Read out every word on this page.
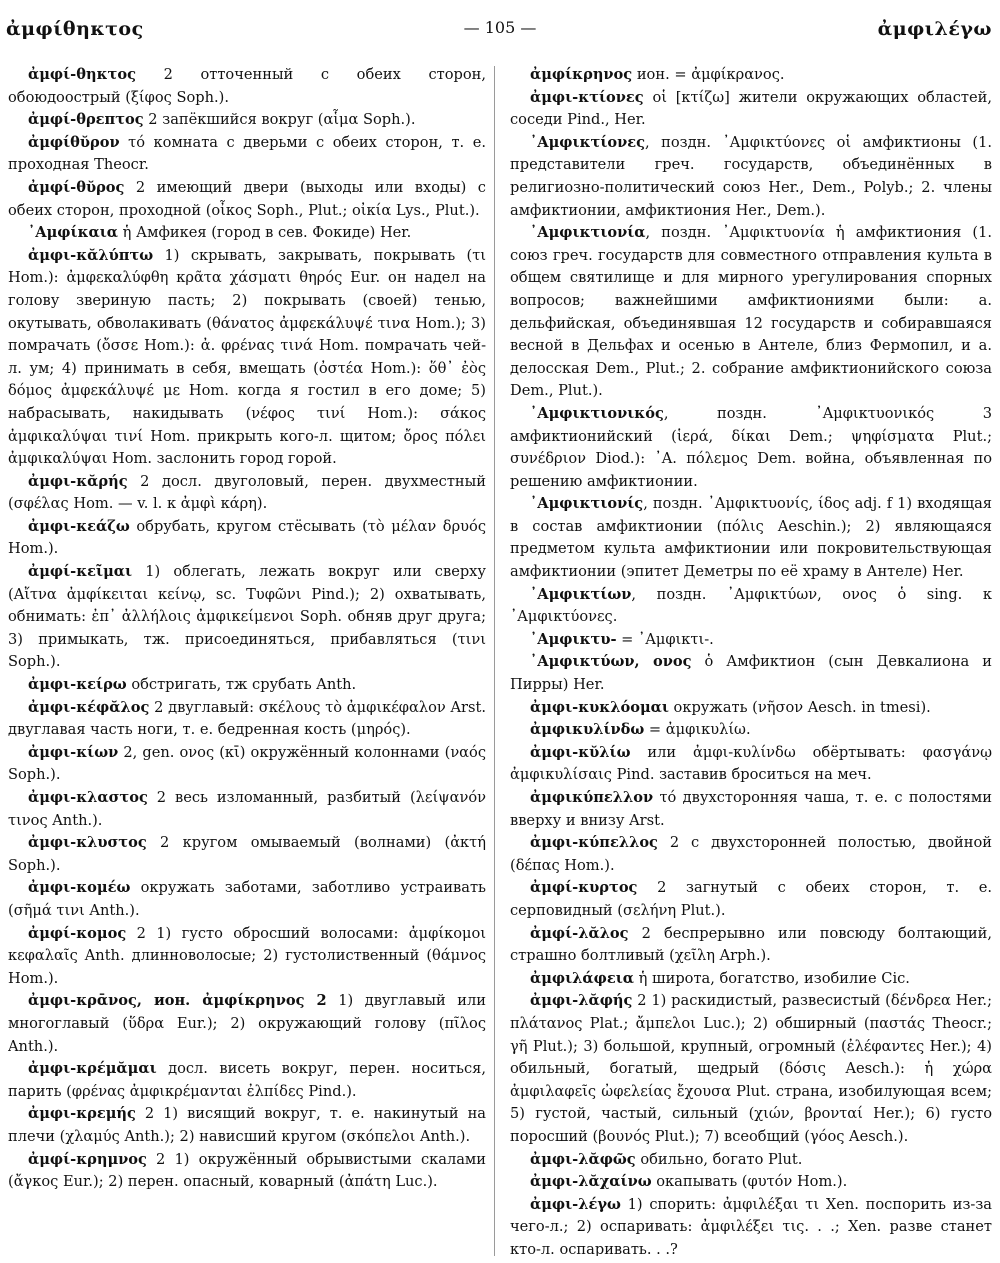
ἀμφίθηκτος	— 105 —	ἀμφιλέγω

ἀμφί-θηκτος 2 отточенный с обеих сторон, обоюдоострый (ξίφος Soph.).

ἀμφί-θρεπτος 2 запёкшийся вокруг (αἷμα Soph.).

ἀμφίθῠρον τό комната с дверьми с обеих сторон, т. е. проходная Theocr.

ἀμφί-θῠρος 2 имеющий двери (выходы или входы) с обеих сторон, проходной (οἶκος Soph., Plut.; οἰκία Lys., Plut.).

᾿Αμφίκαια ἡ Амфикея (город в сев. Фокиде) Her.

ἀμφι-κᾰλύπτω 1) скрывать, закрывать, покрывать (τι Hom.): ἀμφεκαλύφθη κρᾶτα χάσματι θηρός Eur. он надел на голову звериную пасть; 2) покрывать (своей) тенью, окутывать, обволакивать (θάνατος ἀμφεκάλυψέ τινα Hom.); 3) помрачать (ὄσσε Hom.): ἀ. φρένας τινά Hom. помрачать чей-л. ум; 4) принимать в себя, вмещать (ὀστέα Hom.): ὅθ᾽ ἐὸς δόμος ἀμφεκάλυψέ με Hom. когда я гостил в его доме; 5) набрасывать, накидывать (νέφος τινί Hom.): σάκος ἀμφικαλύψαι τινί Hom. прикрыть кого-л. щитом; ὄρος πόλει ἀμφικαλύψαι Hom. заслонить город горой.

ἀμφι-κᾰρής 2 досл. двуголовый, перен. двухместный (σφέλας Hom. — v. l. к ἀμφὶ κάρη).

ἀμφι-κεάζω обрубать, кругом стёсывать (τὸ μέλαν δρυός Hom.).

ἀμφί-κεῖμαι 1) облегать, лежать вокруг или сверху (Αἴτνα ἀμφίκειται κείνῳ, sc. Τυφῶνι Pind.); 2) охватывать, обнимать: ἐπ᾽ ἀλλήλοις ἀμφικείμενοι Soph. обняв друг друга; 3) примыкать, тж. присоединяться, прибавляться (τινι Soph.).

ἀμφι-κείρω обстригать, тж срубать Anth.

ἀμφι-κέφᾰλος 2 двуглавый: σκέλους τὸ ἀμφικέφαλον Arst. двуглавая часть ноги, т. е. бедренная кость (μηρός).

ἀμφι-κίων 2, gen. ονος (κῑ) окружённый колоннами (ναός Soph.).

ἀμφι-κλαστος 2 весь изломанный, разбитый (λείψανόν τινος Anth.).

ἀμφι-κλυστος 2 кругом омываемый (волнами) (ἀκτή Soph.).

ἀμφι-κομέω окружать заботами, заботливо устраивать (σῆμά τινι Anth.).

ἀμφί-κομος 2 1) густо обросший волосами: ἀμφίκομοι κεφαλαῖς Anth. длинноволосые; 2) густолиственный (θάμνος Hom.).

ἀμφι-κρᾱνος, ион. ἀμφίκρηνος 2 1) двуглавый или многоглавый (ὕδρα Eur.); 2) окружающий голову (πῖλος Anth.).

ἀμφι-κρέμᾰμαι досл. висеть вокруг, перен. носиться, парить (φρένας ἀμφικρέμανται ἐλπίδες Pind.).

ἀμφι-κρεμής 2 1) висящий вокруг, т. е. накинутый на плечи (χλαμύς Anth.); 2) нависший кругом (σκόπελοι Anth.).

ἀμφί-κρημνος 2 1) окружённый обрывистыми скалами (ἄγκος Eur.); 2) перен. опасный, коварный (ἀπάτη Luc.).

ἀμφίκρηνος ион. = ἀμφίκρανος.

ἀμφι-κτίονες οἱ [κτίζω] жители окружающих областей, соседи Pind., Her.

᾿Αμφικτίονες, поздн. ᾿Αμφικτύονες οἱ амфиктионы (1. представители греч. государств, объединённых в религиозно-политический союз Her., Dem., Polyb.; 2. члены амфиктионии, амфиктиония Her., Dem.).

᾿Αμφικτιονία, поздн. ᾿Αμφικτυονία ἡ амфиктиония (1. союз греч. государств для совместного отправления культа в общем святилище и для мирного урегулирования спорных вопросов; важнейшими амфиктиониями были: а. дельфийская, объединявшая 12 государств и собиравшаяся весной в Дельфах и осенью в Антеле, близ Фермопил, и а. делосская Dem., Plut.; 2. собрание амфиктионийского союза Dem., Plut.).

᾿Αμφικτιονικός, поздн. ᾿Αμφικτυονικός 3 амфиктионийский (ἱερά, δίκαι Dem.; ψηφίσματα Plut.; συνέδριον Diod.): ᾿Α. πόλεμος Dem. война, объявленная по решению амфиктионии.

᾿Αμφικτιονίς, поздн. ᾿Αμφικτυονίς, ίδος adj. f 1) входящая в состав амфиктионии (πόλις Aeschin.); 2) являющаяся предметом культа амфиктионии или покровительствующая амфиктионии (эпитет Деметры по её храму в Антеле) Her.

᾿Αμφικτίων, поздн. ᾿Αμφικτύων, ονος ὁ sing. к ᾿Αμφικτύονες.

᾿Αμφικτυ- = ᾿Αμφικτι-.

᾿Αμφικτύων, ονος ὁ Амфиктион (сын Девкалиона и Пирры) Her.

ἀμφι-κυκλόομαι окружать (νῆσον Aesch. in tmesi).

ἀμφικυλίνδω = ἀμφικυλίω.

ἀμφι-κῠλίω или ἀμφι-κυλίνδω обёртывать: φασγάνῳ ἀμφικυλίσαις Pind. заставив броситься на меч.

ἀμφικύπελλον τό двухсторонняя чаша, т. е. с полостями вверху и внизу Arst.

ἀμφι-κύπελλος 2 с двухсторонней полостью, двойной (δέπας Hom.).

ἀμφί-κυρτος 2 загнутый с обеих сторон, т. е. серповидный (σελήνη Plut.).

ἀμφί-λᾰλος 2 беспрерывно или повсюду болтающий, страшно болтливый (χεῖλη Arph.).

ἀμφιλάφεια ἡ широта, богатство, изобилие Cic.

ἀμφι-λᾰφής 2 1) раскидистый, развесистый (δένδρεα Her.; πλάτανος Plat.; ἄμπελοι Luc.); 2) обширный (παστάς Theocr.; γῆ Plut.); 3) большой, крупный, огромный (ἐλέφαντες Her.); 4) обильный, богатый, щедрый (δόσις Aesch.): ἡ χώρα ἀμφιλαφεῖς ὠφελείας ἔχουσα Plut. страна, изобилующая всем; 5) густой, частый, сильный (χιών, βρονταί Her.); 6) густо поросший (βουνός Plut.); 7) всеобщий (γόος Aesch.).

ἀμφι-λᾰφῶς обильно, богато Plut.

ἀμφι-λᾰχαίνω окапывать (φυτόν Hom.).

ἀμφι-λέγω 1) спорить: ἀμφιλέξαι τι Xen. поспорить из-за чего-л.; 2) оспаривать: ἀμφιλέξει τις. . .; Xen. разве станет кто-л. оспаривать. . .?
